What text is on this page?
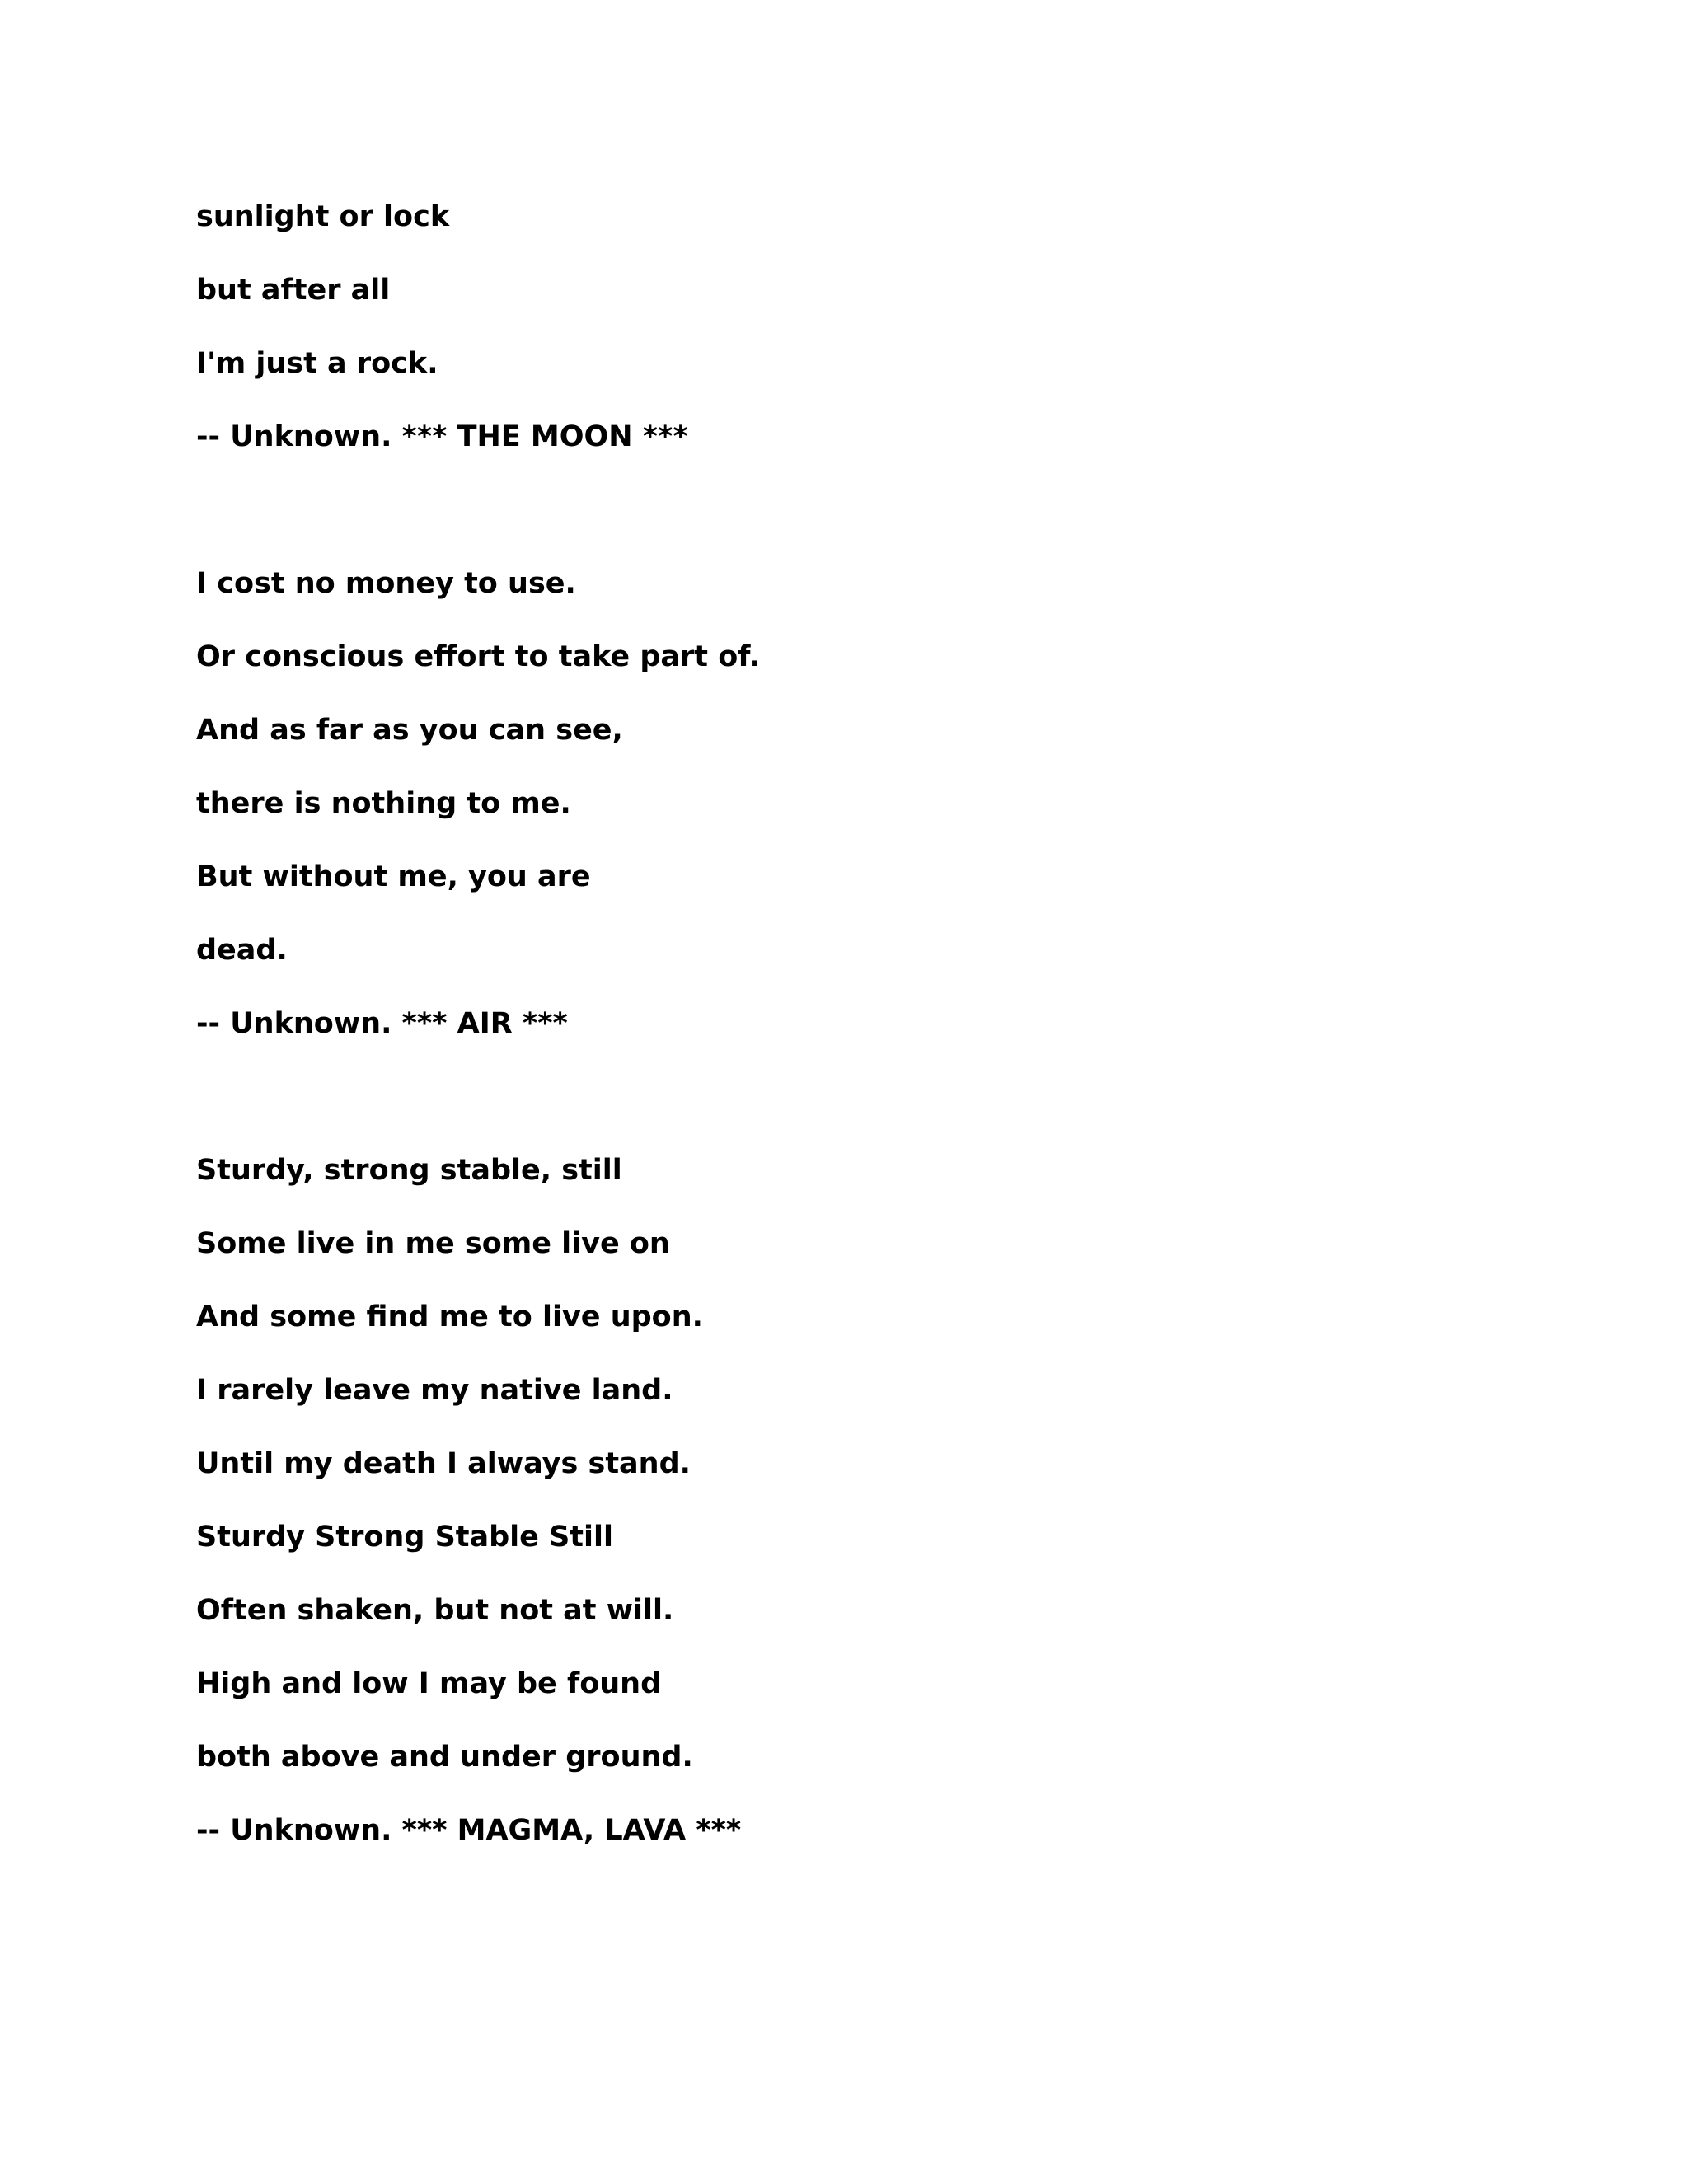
sunlight or lock
but after all
I'm just a rock.
-- Unknown. *** THE MOON ***
I cost no money to use.
Or conscious effort to take part of.
And as far as you can see,
there is nothing to me.
But without me, you are
dead.
-- Unknown. *** AIR ***
Sturdy, strong stable, still
Some live in me some live on
And some find me to live upon.
I rarely leave my native land.
Until my death I always stand.
Sturdy Strong Stable Still
Often shaken, but not at will.
High and low I may be found
both above and under ground.
-- Unknown. *** MAGMA, LAVA ***
